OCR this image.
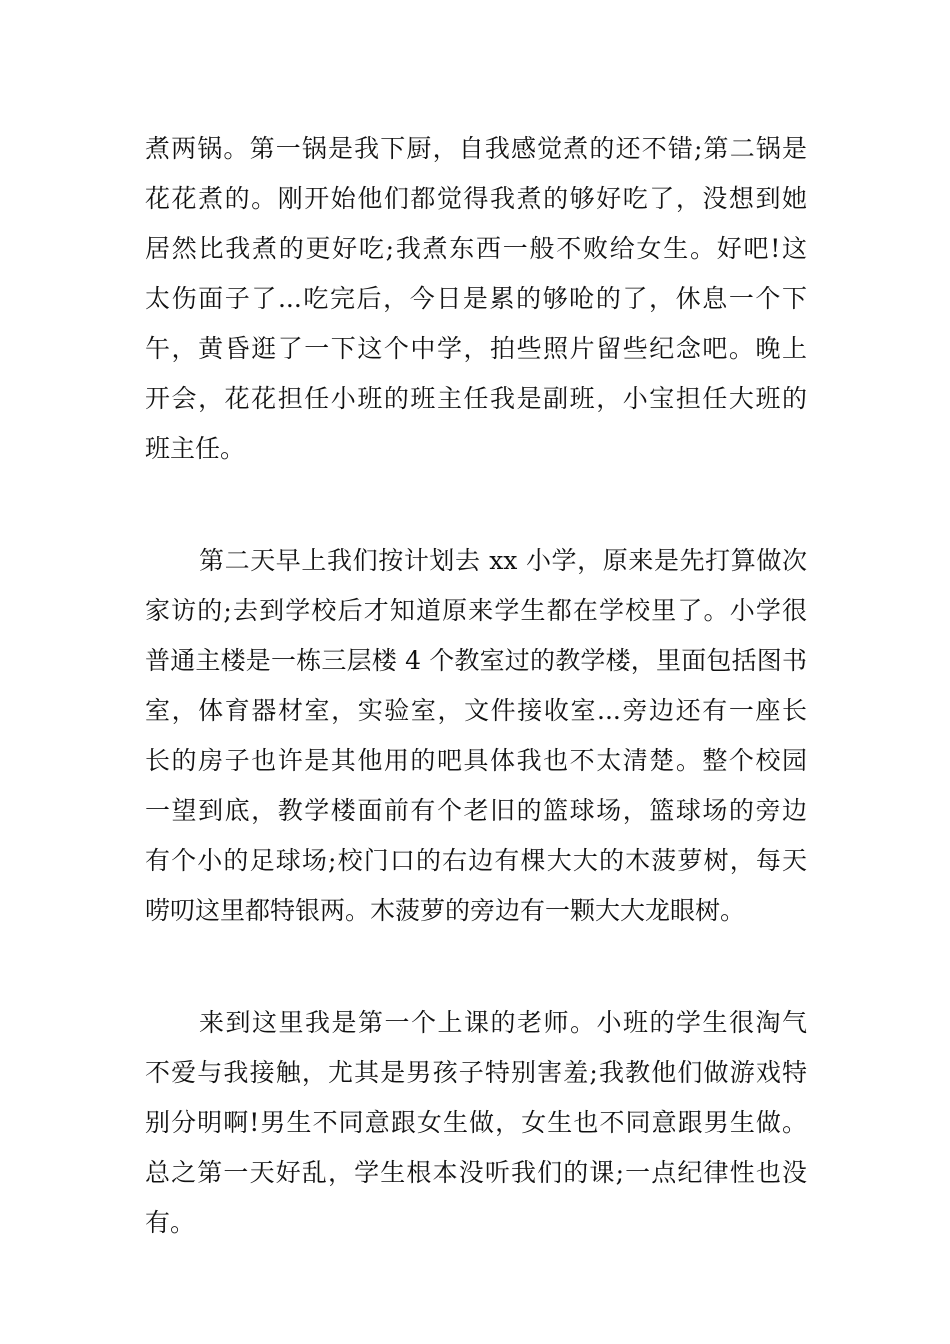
煮两锅。第一锅是我下厨，自我感觉煮的还不错;第二锅是
花花煮的。刚开始他们都觉得我煮的够好吃了，没想到她
居然比我煮的更好吃;我煮东西一般不败给女生。好吧!这
太伤面子了...吃完后，今日是累的够呛的了，休息一个下
午，黄昏逛了一下这个中学，拍些照片留些纪念吧。晚上
开会，花花担任小班的班主任我是副班，小宝担任大班的
班主任。
第二天早上我们按计划去 xx 小学，原来是先打算做次
家访的;去到学校后才知道原来学生都在学校里了。小学很
普通主楼是一栋三层楼 4 个教室过的教学楼，里面包括图书
室，体育器材室，实验室，文件接收室...旁边还有一座长
长的房子也许是其他用的吧具体我也不太清楚。整个校园
一望到底，教学楼面前有个老旧的篮球场，篮球场的旁边
有个小的足球场;校门口的右边有棵大大的木菠萝树，每天
唠叨这里都特银两。木菠萝的旁边有一颗大大龙眼树。
来到这里我是第一个上课的老师。小班的学生很淘气
不爱与我接触，尤其是男孩子特别害羞;我教他们做游戏特
别分明啊!男生不同意跟女生做，女生也不同意跟男生做。
总之第一天好乱，学生根本没听我们的课;一点纪律性也没
有。
